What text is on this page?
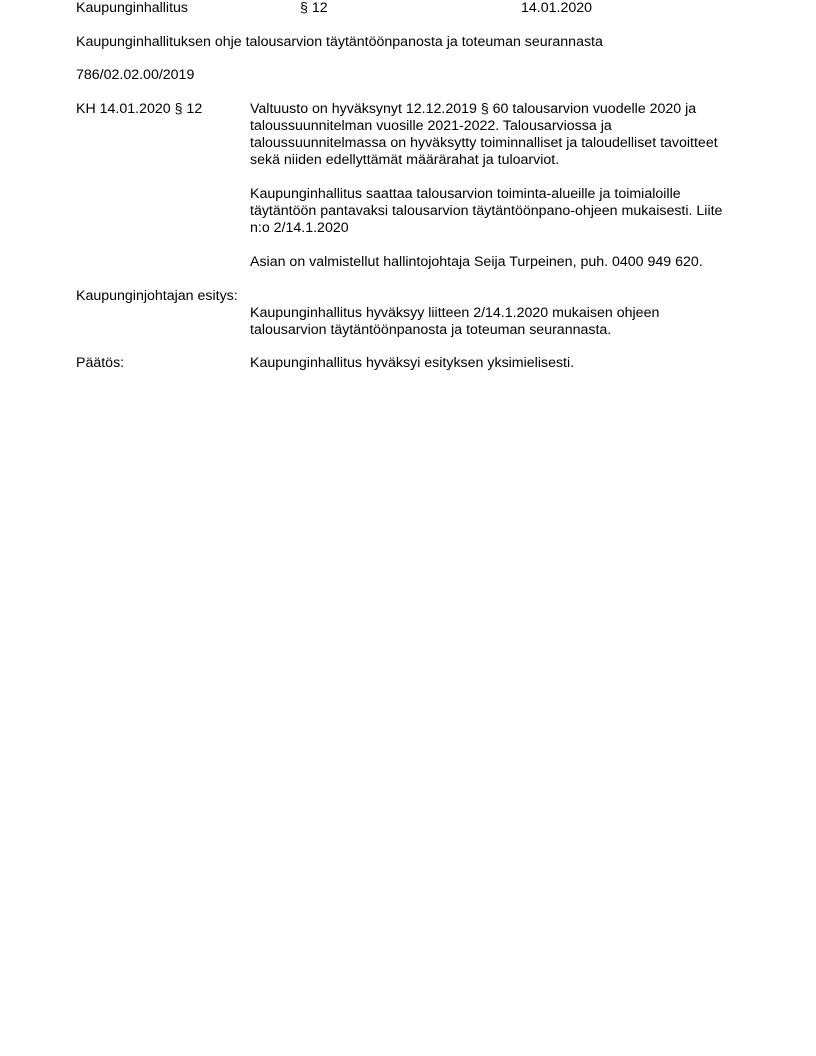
Kaupunginhallitus	§ 12	14.01.2020
Kaupunginhallituksen ohje talousarvion täytäntöönpanosta ja toteuman seurannasta
786/02.02.00/2019
KH 14.01.2020 § 12	Valtuusto on hyväksynyt 12.12.2019 § 60 talousarvion vuodelle 2020 ja
taloussuunnitelman vuosille 2021-2022. Talousarviossa ja
taloussuunnitelmassa on hyväksytty toiminnalliset ja taloudelliset tavoitteet
sekä niiden edellyttämät määrärahat ja tuloarviot.
Kaupunginhallitus saattaa talousarvion toiminta-alueille ja toimialoille
täytäntöön pantavaksi talousarvion täytäntöönpano-ohjeen mukaisesti. Liite
n:o 2/14.1.2020
Asian on valmistellut hallintojohtaja Seija Turpeinen, puh. 0400 949 620.
Kaupunginjohtajan esitys:
Kaupunginhallitus hyväksyy liitteen 2/14.1.2020 mukaisen ohjeen
talousarvion täytäntöönpanosta ja toteuman seurannasta.
Päätös:	Kaupunginhallitus hyväksyi esityksen yksimielisesti.
